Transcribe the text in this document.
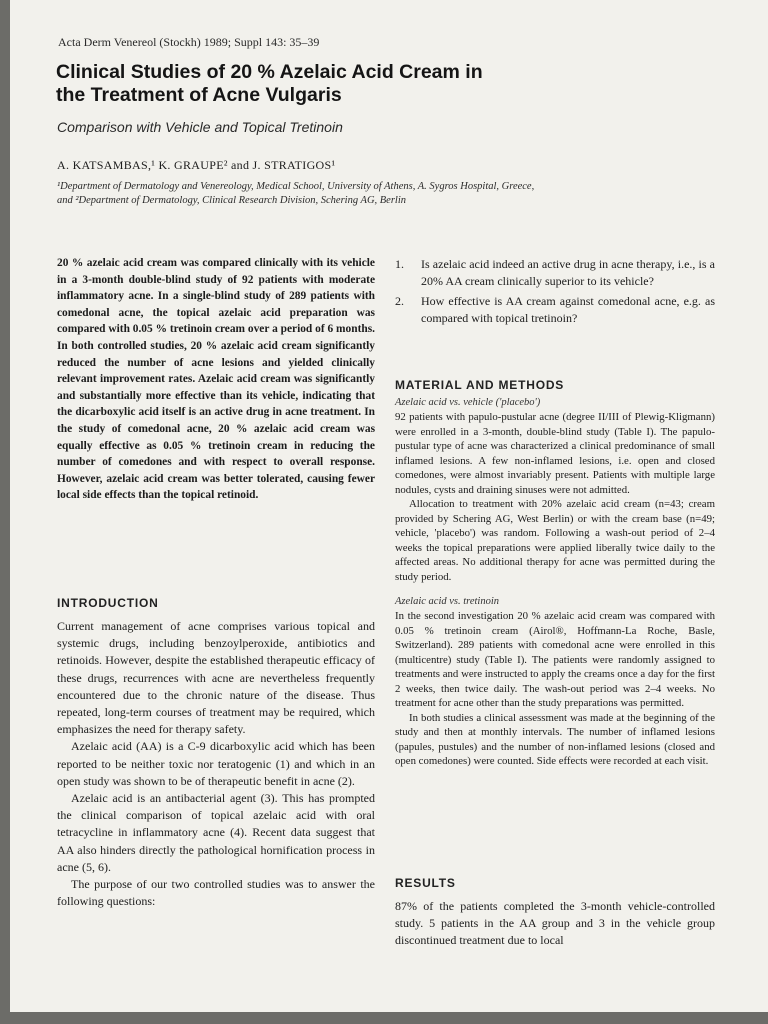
Acta Derm Venereol (Stockh) 1989; Suppl 143: 35–39
Clinical Studies of 20 % Azelaic Acid Cream in
the Treatment of Acne Vulgaris
Comparison with Vehicle and Topical Tretinoin
A. KATSAMBAS,¹ K. GRAUPE² and J. STRATIGOS¹
¹Department of Dermatology and Venereology, Medical School, University of Athens, A. Sygros Hospital, Greece,
and ²Department of Dermatology, Clinical Research Division, Schering AG, Berlin

20 % azelaic acid cream was compared clinically with its vehicle in a 3-month double-blind study of 92 patients with moderate inflammatory acne. In a single-blind study of 289 patients with comedonal acne, the topical azelaic acid preparation was compared with 0.05 % tretinoin cream over a period of 6 months. In both controlled studies, 20 % azelaic acid cream significantly reduced the number of acne lesions and yielded clinically relevant improvement rates. Azelaic acid cream was significantly and substantially more effective than its vehicle, indicating that the dicarboxylic acid itself is an active drug in acne treatment. In the study of comedonal acne, 20 % azelaic acid cream was equally effective as 0.05 % tretinoin cream in reducing the number of comedones and with respect to overall response. However, azelaic acid cream was better tolerated, causing fewer local side effects than the topical retinoid.

INTRODUCTION

Current management of acne comprises various topical and systemic drugs, including benzoylperoxide, antibiotics and retinoids. However, despite the established therapeutic efficacy of these drugs, recurrences with acne are nevertheless frequently encountered due to the chronic nature of the disease. Thus repeated, long-term courses of treatment may be required, which emphasizes the need for therapy safety.

Azelaic acid (AA) is a C-9 dicarboxylic acid which has been reported to be neither toxic nor teratogenic (1) and which in an open study was shown to be of therapeutic benefit in acne (2).

Azelaic acid is an antibacterial agent (3). This has prompted the clinical comparison of topical azelaic acid with oral tetracycline in inflammatory acne (4). Recent data suggest that AA also hinders directly the pathological hornification process in acne (5, 6).

The purpose of our two controlled studies was to answer the following questions:

1. Is azelaic acid indeed an active drug in acne therapy, i.e., is a 20% AA cream clinically superior to its vehicle?
2. How effective is AA cream against comedonal acne, e.g. as compared with topical tretinoin?
MATERIAL AND METHODS

Azelaic acid vs. vehicle ('placebo')

92 patients with papulo-pustular acne (degree II/III of Plewig-Kligmann) were enrolled in a 3-month, double-blind study (Table I). The papulo-pustular type of acne was characterized a clinical predominance of small inflamed lesions. A few non-inflamed lesions, i.e. open and closed comedones, were almost invariably present. Patients with multiple large nodules, cysts and draining sinuses were not admitted.

Allocation to treatment with 20% azelaic acid cream (n=43; cream provided by Schering AG, West Berlin) or with the cream base (n=49; vehicle, 'placebo') was random. Following a wash-out period of 2–4 weeks the topical preparations were applied liberally twice daily to the affected areas. No additional therapy for acne was permitted during the study period.

Azelaic acid vs. tretinoin

In the second investigation 20 % azelaic acid cream was compared with 0.05 % tretinoin cream (Airol®, Hoffmann-La Roche, Basle, Switzerland). 289 patients with comedonal acne were enrolled in this (multicentre) study (Table I). The patients were randomly assigned to treatments and were instructed to apply the creams once a day for the first 2 weeks, then twice daily. The wash-out period was 2–4 weeks. No treatment for acne other than the study preparations was permitted.

In both studies a clinical assessment was made at the beginning of the study and then at monthly intervals. The number of inflamed lesions (papules, pustules) and the number of non-inflamed lesions (closed and open comedones) were counted. Side effects were recorded at each visit.

RESULTS

87% of the patients completed the 3-month vehicle-controlled study. 5 patients in the AA group and 3 in the vehicle group discontinued treatment due to local
